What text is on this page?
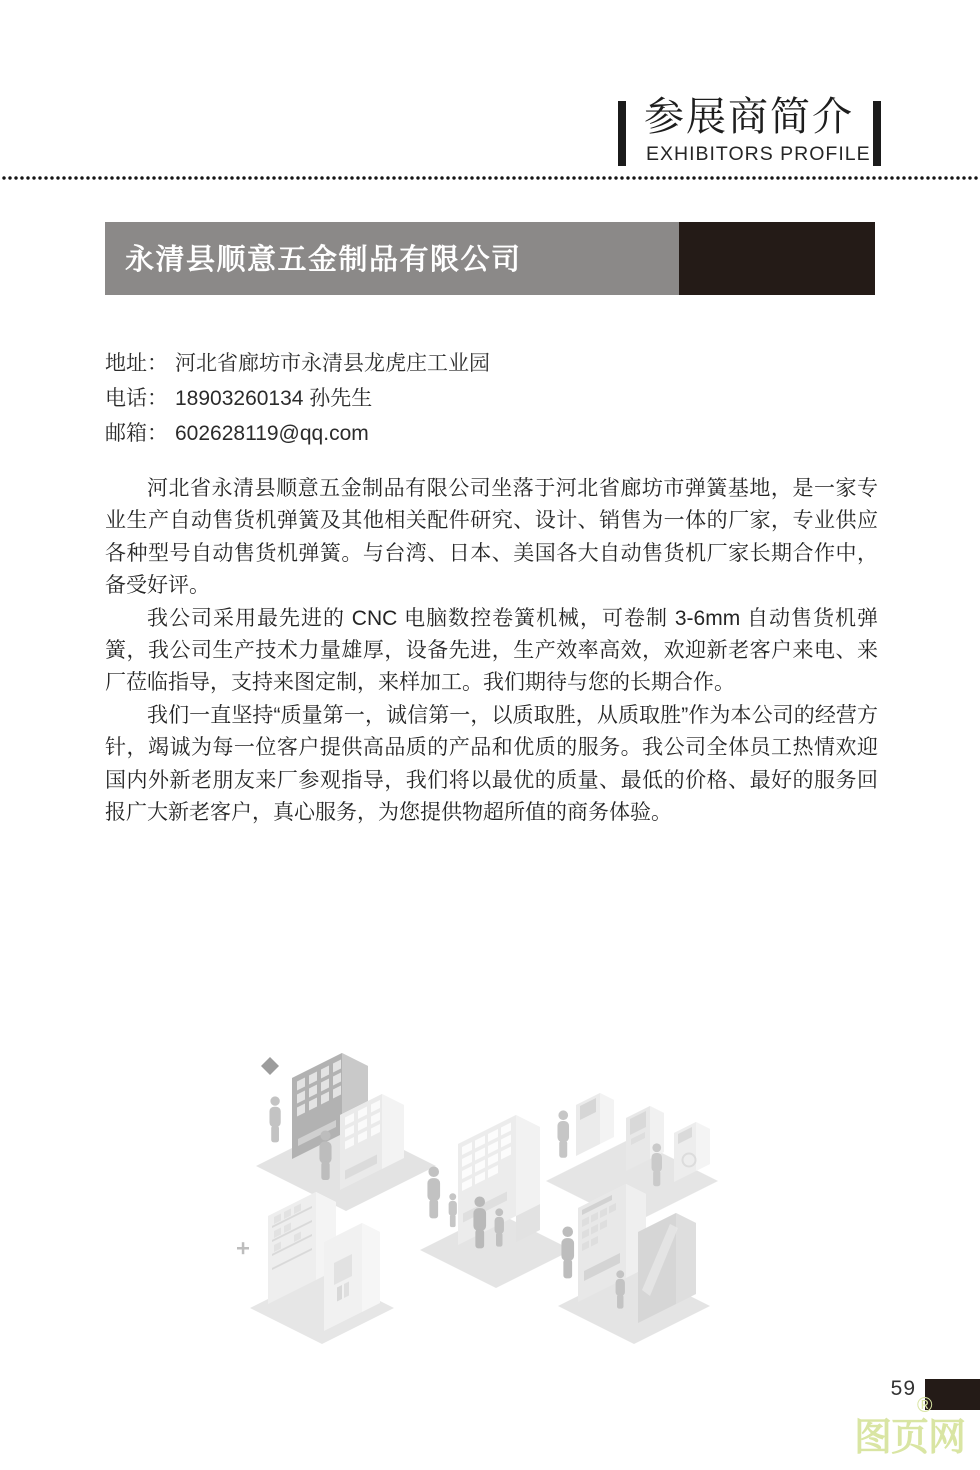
参展商简介
EXHIBITORS PROFILE
永清县顺意五金制品有限公司
地址： 河北省廊坊市永清县龙虎庄工业园
电话： 18903260134 孙先生
邮箱： 602628119@qq.com

河北省永清县顺意五金制品有限公司坐落于河北省廊坊市弹簧基地，是一家专业生产自动售货机弹簧及其他相关配件研究、设计、销售为一体的厂家，专业供应各种型号自动售货机弹簧。与台湾、日本、美国各大自动售货机厂家长期合作中，备受好评。

我公司采用最先进的 CNC 电脑数控卷簧机械，可卷制 3-6mm 自动售货机弹簧，我公司生产技术力量雄厚，设备先进，生产效率高效，欢迎新老客户来电、来厂莅临指导，支持来图定制，来样加工。我们期待与您的长期合作。

我们一直坚持“质量第一，诚信第一，以质取胜，从质取胜”作为本公司的经营方针，竭诚为每一位客户提供高品质的产品和优质的服务。我公司全体员工热情欢迎国内外新老朋友来厂参观指导，我们将以最优的质量、最低的价格、最好的服务回报广大新老客户，真心服务，为您提供物超所值的商务体验。

59
图页网
®
